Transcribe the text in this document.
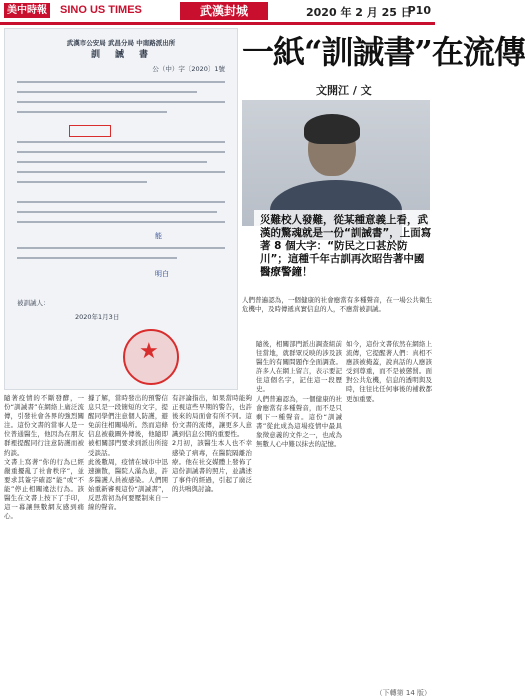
美中時報 SINO US TIMES	武漢封城	2020 年 2 月 25 日
P10
武漢市公安局 武昌分局 中南路派出所
訓　誡　書
公（中）字〔2020〕1號
能
明白
被訓誡人：
2020年1月3日
★
一紙“訓誡書”在流傳
文開江 / 文
災難校人發難，從某種意義上看，武漢的驚魂就是一份“訓誡書”，上面寫著 8 個大字：“防民之口甚於防川”；這種千年古訓再次昭告著中國醫療警鐘！
人們普遍認為，一個健康的社會應當有多種聲音，在一場公共衛生危機中，及時傳遞真實信息的人，不應當被訓誡。
隨著疫情的不斷發酵，一份“訓誡書”在網絡上廣泛流傳，引發社會各界的強烈關注。這份文書的當事人是一位普通醫生，他因為在朋友群裡提醒同行注意防護而被約談。
文書上寫著“你的行為已經嚴重擾亂了社會秩序”，並要求其簽字確認“能”或“不能”停止相關違法行為。該醫生在文書上按下了手印，這一幕讓無數網友感到痛心。
據了解，當時發出的預警信息只是一段簡短的文字，提醒同學們注意個人防護，避免前往相關場所。然而這條信息被截圖外傳後，他隨即被相關部門要求到派出所接受談話。
此後數周，疫情在城市中迅速擴散，醫院人滿為患，許多醫護人員被感染。人們開始重新審視這份“訓誡書”，反思當初為何要壓制來自一線的聲音。
有評論指出，如果當時能夠正視這些早期的警告，也許後來的局面會有所不同。這份文書的流傳，讓更多人意識到信息公開的重要性。
2月初，該醫生本人也不幸感染了病毒，在醫院隔離治療。他在社交媒體上發佈了這份訓誡書的照片，並講述了事件的經過，引起了廣泛的共鳴與討論。
隨後，相關部門派出調查組前往當地，就群眾反映的涉及該醫生的有關問題作全面調查。許多人在網上留言，表示要記住這個名字，記住這一段歷史。
人們普遍認為，一個健康的社會應當有多種聲音，而不是只剩下一種聲音。這份“訓誡書”從此成為這場疫情中最具象徵意義的文件之一，也成為無數人心中難以抹去的記憶。
如今，這份文書依然在網絡上流傳，它提醒著人們：真相不應該被掩蓋，說真話的人應該受到尊重，而不是被懲罰。面對公共危機，信息的透明與及時，往往比任何事後的補救都更加重要。
（下轉第 14 版）
